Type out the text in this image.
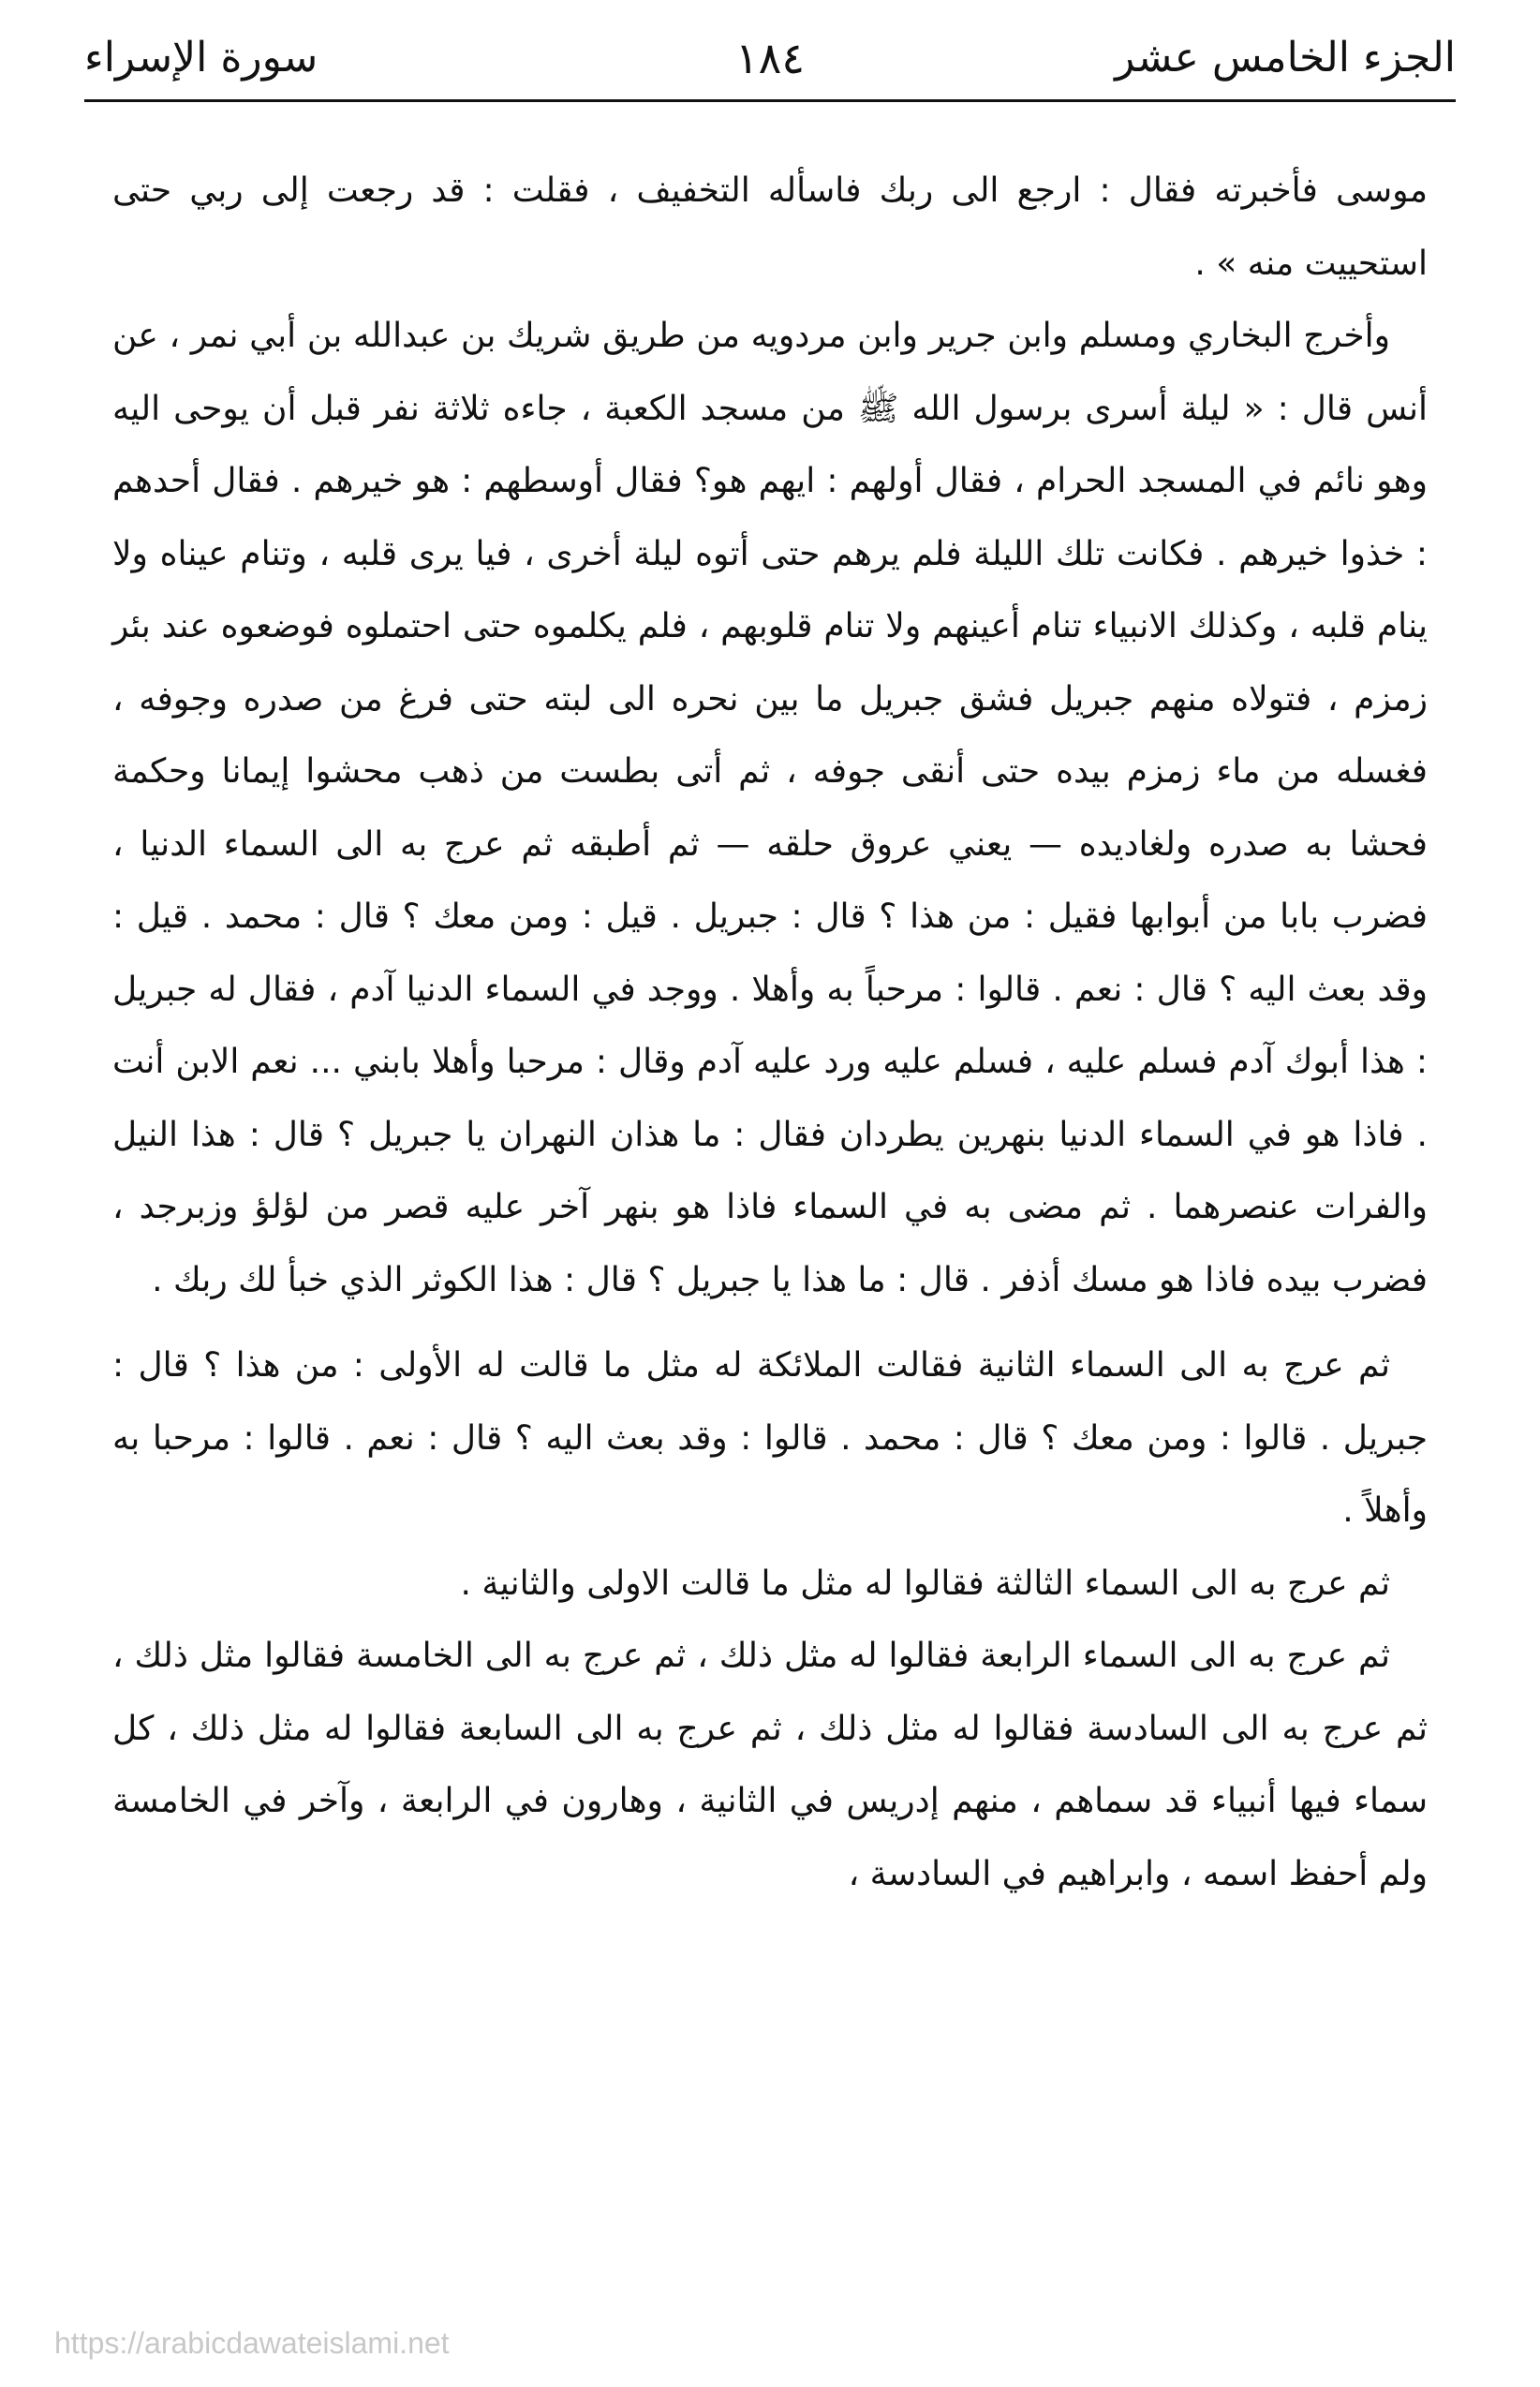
الجزء الخامس عشر
١٨٤
سورة الإسراء

موسى فأخبرته فقال : ارجع الى ربك فاسأله التخفيف ، فقلت : قد رجعت إلى ربي حتى استحييت منه » .

وأخرج البخاري ومسلم وابن جرير وابن مردويه من طريق شريك بن عبدالله بن أبي نمر ، عن أنس قال : « ليلة أسرى برسول الله ﷺ من مسجد الكعبة ، جاءه ثلاثة نفر قبل أن يوحى اليه وهو نائم في المسجد الحرام ، فقال أولهم : ايهم هو؟ فقال أوسطهم : هو خيرهم . فقال أحدهم : خذوا خيرهم . فكانت تلك الليلة فلم يرهم حتى أتوه ليلة أخرى ، فيا يرى قلبه ، وتنام عيناه ولا ينام قلبه ، وكذلك الانبياء تنام أعينهم ولا تنام قلوبهم ، فلم يكلموه حتى احتملوه فوضعوه عند بئر زمزم ، فتولاه منهم جبريل فشق جبريل ما بين نحره الى لبته حتى فرغ من صدره وجوفه ، فغسله من ماء زمزم بيده حتى أنقى جوفه ، ثم أتى بطست من ذهب محشوا إيمانا وحكمة فحشا به صدره ولغاديده — يعني عروق حلقه — ثم أطبقه ثم عرج به الى السماء الدنيا ، فضرب بابا من أبوابها فقيل : من هذا ؟ قال : جبريل . قيل : ومن معك ؟ قال : محمد . قيل : وقد بعث اليه ؟ قال : نعم . قالوا : مرحباً به وأهلا . ووجد في السماء الدنيا آدم ، فقال له جبريل : هذا أبوك آدم فسلم عليه ، فسلم عليه ورد عليه آدم وقال : مرحبا وأهلا بابني ... نعم الابن أنت . فاذا هو في السماء الدنيا بنهرين يطردان فقال : ما هذان النهران يا جبريل ؟ قال : هذا النيل والفرات عنصرهما . ثم مضى به في السماء فاذا هو بنهر آخر عليه قصر من لؤلؤ وزبرجد ، فضرب بيده فاذا هو مسك أذفر . قال : ما هذا يا جبريل ؟ قال : هذا الكوثر الذي خبأ لك ربك .

ثم عرج به الى السماء الثانية فقالت الملائكة له مثل ما قالت له الأولى : من هذا ؟ قال : جبريل . قالوا : ومن معك ؟ قال : محمد . قالوا : وقد بعث اليه ؟ قال : نعم . قالوا : مرحبا به وأهلاً .

ثم عرج به الى السماء الثالثة فقالوا له مثل ما قالت الاولى والثانية .

ثم عرج به الى السماء الرابعة فقالوا له مثل ذلك ، ثم عرج به الى الخامسة فقالوا مثل ذلك ، ثم عرج به الى السادسة فقالوا له مثل ذلك ، ثم عرج به الى السابعة فقالوا له مثل ذلك ، كل سماء فيها أنبياء قد سماهم ، منهم إدريس في الثانية ، وهارون في الرابعة ، وآخر في الخامسة ولم أحفظ اسمه ، وابراهيم في السادسة ،

https://arabicdawateislami.net
